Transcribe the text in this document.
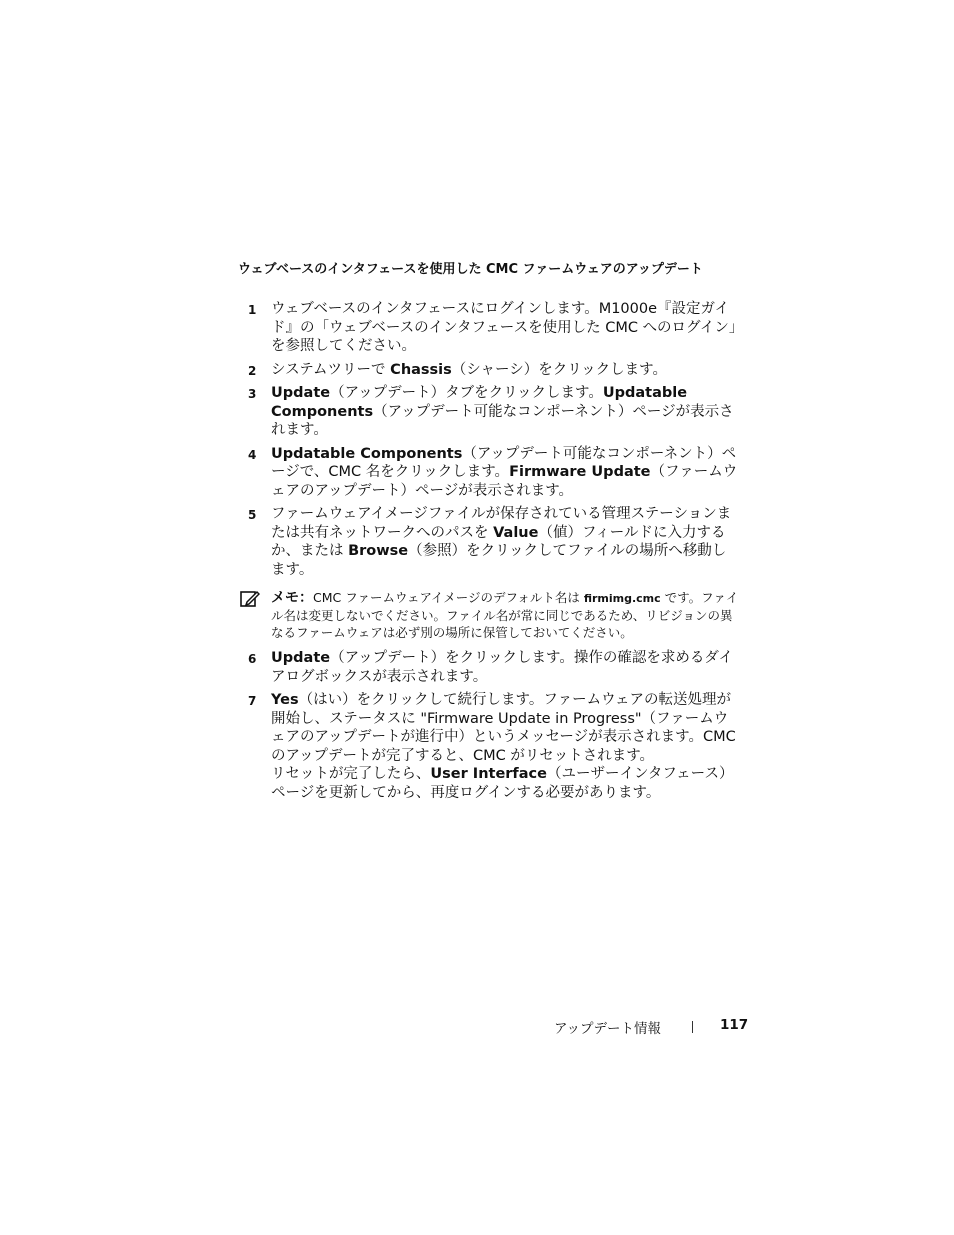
ウェブベースのインタフェースを使用した CMC ファームウェアのアップデート
1 ウェブベースのインタフェースにログインします。M1000e『設定ガイド』の「ウェブベースのインタフェースを使用した CMC へのログイン」を参照してください。
2 システムツリーで Chassis（シャーシ）をクリックします。
3 Update（アップデート）タブをクリックします。Updatable Components（アップデート可能なコンポーネント）ページが表示されます。
4 Updatable Components（アップデート可能なコンポーネント）ページで、CMC 名をクリックします。Firmware Update（ファームウェアのアップデート）ページが表示されます。
5 ファームウェアイメージファイルが保存されている管理ステーションまたは共有ネットワークへのパスを Value（値）フィールドに入力するか、または Browse（参照）をクリックしてファイルの場所へ移動します。
メモ：CMC ファームウェアイメージのデフォルト名は firmimg.cmc です。ファイル名は変更しないでください。ファイル名が常に同じであるため、リビジョンの異なるファームウェアは必ず別の場所に保管しておいてください。
6 Update（アップデート）をクリックします。操作の確認を求めるダイアログボックスが表示されます。
7 Yes（はい）をクリックして続行します。ファームウェアの転送処理が開始し、ステータスに "Firmware Update in Progress"（ファームウェアのアップデートが進行中）というメッセージが表示されます。CMC のアップデートが完了すると、CMC がリセットされます。
リセットが完了したら、User Interface（ユーザーインタフェース）ページを更新してから、再度ログインする必要があります。
アップデート情報	117
